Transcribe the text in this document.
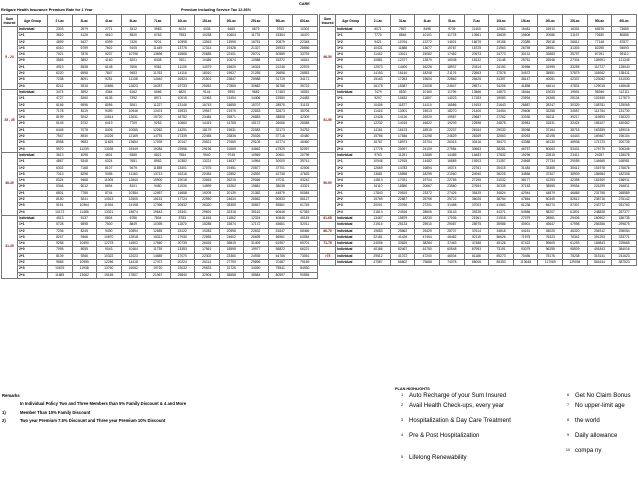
CARE
Religare Health Insurance Premium Rate for 1 Year	Premium Including Service Tax 12.36%
Sum Insured	Age Group	2 Lac	3Lac	4Lac	5Lac	7Lac	10Lac	15Lac	20Lac	25Lac	50Lac	60Lac
5 - 24	Individual	2303	2579	2771	3312	3983	4024	4336	6469	6679	9753	10302
	1+1	3810	4126	4610	5520	6763	7983	10238	10604	11776	15364	16470
	1+2	4899	5427	6399	7426	9201	10998	13943	13995	16751	20879	22348
	1+3	6010	6799	7602	9105	11449	13776	17314	19428	21327	25933	28556
	1+4	7021	7876	9207	10796	13696	16565	20685	22401	25701	30989	33793
	2+0	3565	3852	4160	5201	6408	7601	10486	10674	10988	15272	16041
	2+1	4919	5538	6148	7606	9381	11139	14079	15620	16324	21246	22576
	2+2	6220	6998	7847	9453	11762	14116	18010	19627	21255	26698	28553
	2+3	7238	8091	9251	11138	14040	16924	21501	23847	25988	31719	34171
	2+4	8241	9315	10656	12823	16287	19733	25052	27865	30682	36788	39723
25 - 35	Individual	3474	3592	4364	5162	6086	6820	9144	9390	9682	17463	18051
	1+1	4727	5260	6135	7392	8971	10015	12463	13494	14406	22550	24483
	1+2	6166	6996	8056	9261	11227	13146	16743	18655	19707	28575	31133
	1+3	7178	8119	9499	10946	13474	15933	19947	21970	22833	32673	35704
	1+4	8199	9242	10814	12631	15720	18752	23484	25871	26883	38808	42309
	2+0	5145	5732	6419	7709	9253	10660	14419	14765	15172	26066	28085
	2+1	6445	7078	8405	10065	12262	14291	18179	19631	20083	32173	34752
	2+2	7947	8930	10226	12169	14791	17339	22455	23835	25026	37718	40480
	2+3	8958	9983	11625	13654	17039	20147	25521	27669	29105	42774	46460
	2+4	9970	11239	13035	15349	19284	22956	29196	31669	34662	47929	52097
36-40	Individual	3613	4098	4601	5365	6821	7584	9940	9745	10969	20601	20798
	1+1	4867	5348	6324	7681	8982	10382	13221	14637	14964	30000	35741
	1+2	6302	7168	8107	9479	11555	13401	17075	19451	20877	37701	42006
	1+3	7313	8298	9495	11160	13713	16216	20454	22852	24592	42736	47625
	1+4	8324	9468	11005	12840	15900	19018	23815	26215	29066	47011	53242
	2+0	5346	6012	6694	8101	9480	11030	14899	15262	15881	38038	43321
	2+1	6801	7785	8744	10384	12657	14658	19205	20139	21382	44979	50084
	2+2	8150	9241	10513	12505	15151	17724	22950	24634	26562	50533	56127
	2+3	9161	10364	11916	14198	17396	20532	26320	28355	30657	55561	61745
	2+4	10172	11486	13321	15874	19643	23341	29691	32318	35161	60646	67363
41-45	Individual	4513	5137	5804	6786	7804	8783	11616	11862	12324	40646	46145
	1+1	5728	6598	7500	8849	10395	11870	15285	15874	17172	45661	52011
	1+2	7236	8245	9490	10894	12655	15122	19283	20598	22632	51647	58466
	1+3	8247	9368	10870	12818	15313	17930	22655	24602	26695	56961	64084
	1+4	9258	10490	12278	14502	17560	20739	26026	28815	31409	61957	69701
	2+0	7095	8055	9043	10464	11739	13353	17561	18595	19977	58822	66221
	2+1	8109	9266	10322	12023	14689	17070	22302	23360	24935	64785	73051
	2+2	9665	10955	12256	14418	17472	20224	26114	27793	29896	70467	79169
	2+3	10676	11938	13760	16062	19720	23032	29533	31726	34090	75541	84930
	2+4	11689	13062	15165	17807	21967	25840	32904	35658	38584	80597	90555
Sum Insured	Age Group	2 Lac	3Lac	4Lac	5Lac	7Lac	10Lac	15Lac	20Lac	25Lac	50Lac	60Lac
46-50	Individual	6071	7557	8498	9739	11400	12563	15481	15910	16391	65676	73669
	1+1	7770	8846	10101	11778	13961	15639	19606	20086	21197	70630	80865
	1+2	9421	10764	12272	14001	16679	19156	23389	25018	26611	77148	87877
	1+3	10431	11888	13677	15767	18725	21963	26759	28951	31303	82295	93693
	1+4	11442	13011	15082	17452	20973	24773	30131	32883	35797	87291	99110
	2+0	10881	12377	13870	16038	18132	21148	25751	26548	27304	105991	121345
	2+1	12573	14400	16226	18937	20314	24150	30956	31999	33255	112727	128040
	2+2	14153	16140	18208	21176	22663	27578	34572	35951	37879	118062	135411
	2+3	15163	17263	19604	22862	25425	31397	38147	40051	42337	123062	141030
	2+4	16175	18387	21008	24547	26571	34206	41858	44614	47831	129015	146648
51-55	Individual	7479	8530	10160	11799	13566	14873	18464	19033	19591	96946	112111
	1+1	9207	10632	11857	14023	17183	19083	23594	24365	25104	102450	117873
	1+2	10406	11877	14110	16586	19153	21643	26887	28247	30329	108781	125065
	1+3	11416	13001	15513	18270	21400	24454	29606	32258	34557	114754	131730
	1+4	12428	14126	16920	19557	23687	27262	33330	36211	39217	119893	136323
	2+0	12232	14015	16622	19209	22598	24875	30981	31531	32424	156107	180462
	2+1	14161	16123	18915	22237	26164	29030	35058	37164	38715	163359	189016
	2+2	15756	17846	21298	24629	28169	32663	40053	42198	44443	169467	196104
	2+3	16767	18973	22704	26315	30416	35473	43386	46130	48938	174723	200735
	2+4	17778	20097	24109	27984	30663	38281	46757	50063	53431	179779	206346
56-60	Individual	9763	11291	12685	14485	16483	17832	19296	22815	23411	24257	128076
	1+1	10946	12915	14482	16885	19203	21357	24665	27734	29055	144665	168981
	1+2	12669	14783	16894	19374	22761	25415	31484	33365	35412	151978	176676
	1+3	13681	15898	18295	21060	24940	28225	34856	37307	38909	156984	182308
	1+4	14813	17031	19704	22765	27195	31032	38177	41253	42398	161900	186911
	2+0	16110	18580	20667	23580	27694	30335	37153	38555	39554	224299	264811
	2+1	17843	20519	23372	27426	35425	34824	42944	44879	46665	231758	268589
	2+2	19769	22687	25796	29722	36025	38754	47864	50349	52612	238716	276142
	2+3	20001	23760	27201	31458	37003	41563	51236	54274	57307	243772	281760
	2+4	21813	24916	28606	33143	39228	44371	54586	58207	61801	248828	287377
61-65	Individual	13467	15879	18230	17036	21961	21918	27079	28561	29406	160902	186735
	Individual	21915	25133	25910	29087	28975	35986	40901	45647	47998	256356	299875
66-70	Individual	19683	25662	29429	28707	37614	34818	44161	45025	46320	254912	298054
	Individual	32181	41426	47454	46482	52115	56626	71575	76323	78342	391293	333771
71-75	Individual	24056	33625	38284	37463	47488	45126	57422	59609	61293	169843	225665
	Individual	40186	52467	61750	60548	67993	73191	93079	96255	98509	491843	384016
>75	Individual	29512	41072	47200	46004	61186	55273	70456	75176	75238	315141	241623
	Individual	47587	66802	75688	74078	85006	89353	113648	117069	129094	561644	387523
Remarks
In Individual Policy Two and Three Members than 5% Family Discount & 4 and More
1)	Member Than 10% Family Discount
2)	Two year Premium 7.5% Discount and Three year Premium 10% Discount
PLAN HIGHLIGHTS
1 Auto Recharge of your Sum Insured
2 Avail Health Check-ups, every year
3 Hospitalization & Day Care Treatment
4 Pre & Post Hospitalization
5 Lifelong Renewability
6 Get No Claim Bonus
7 No upper-limit age
8 the world
9 Daily allowance
10 compa ny
